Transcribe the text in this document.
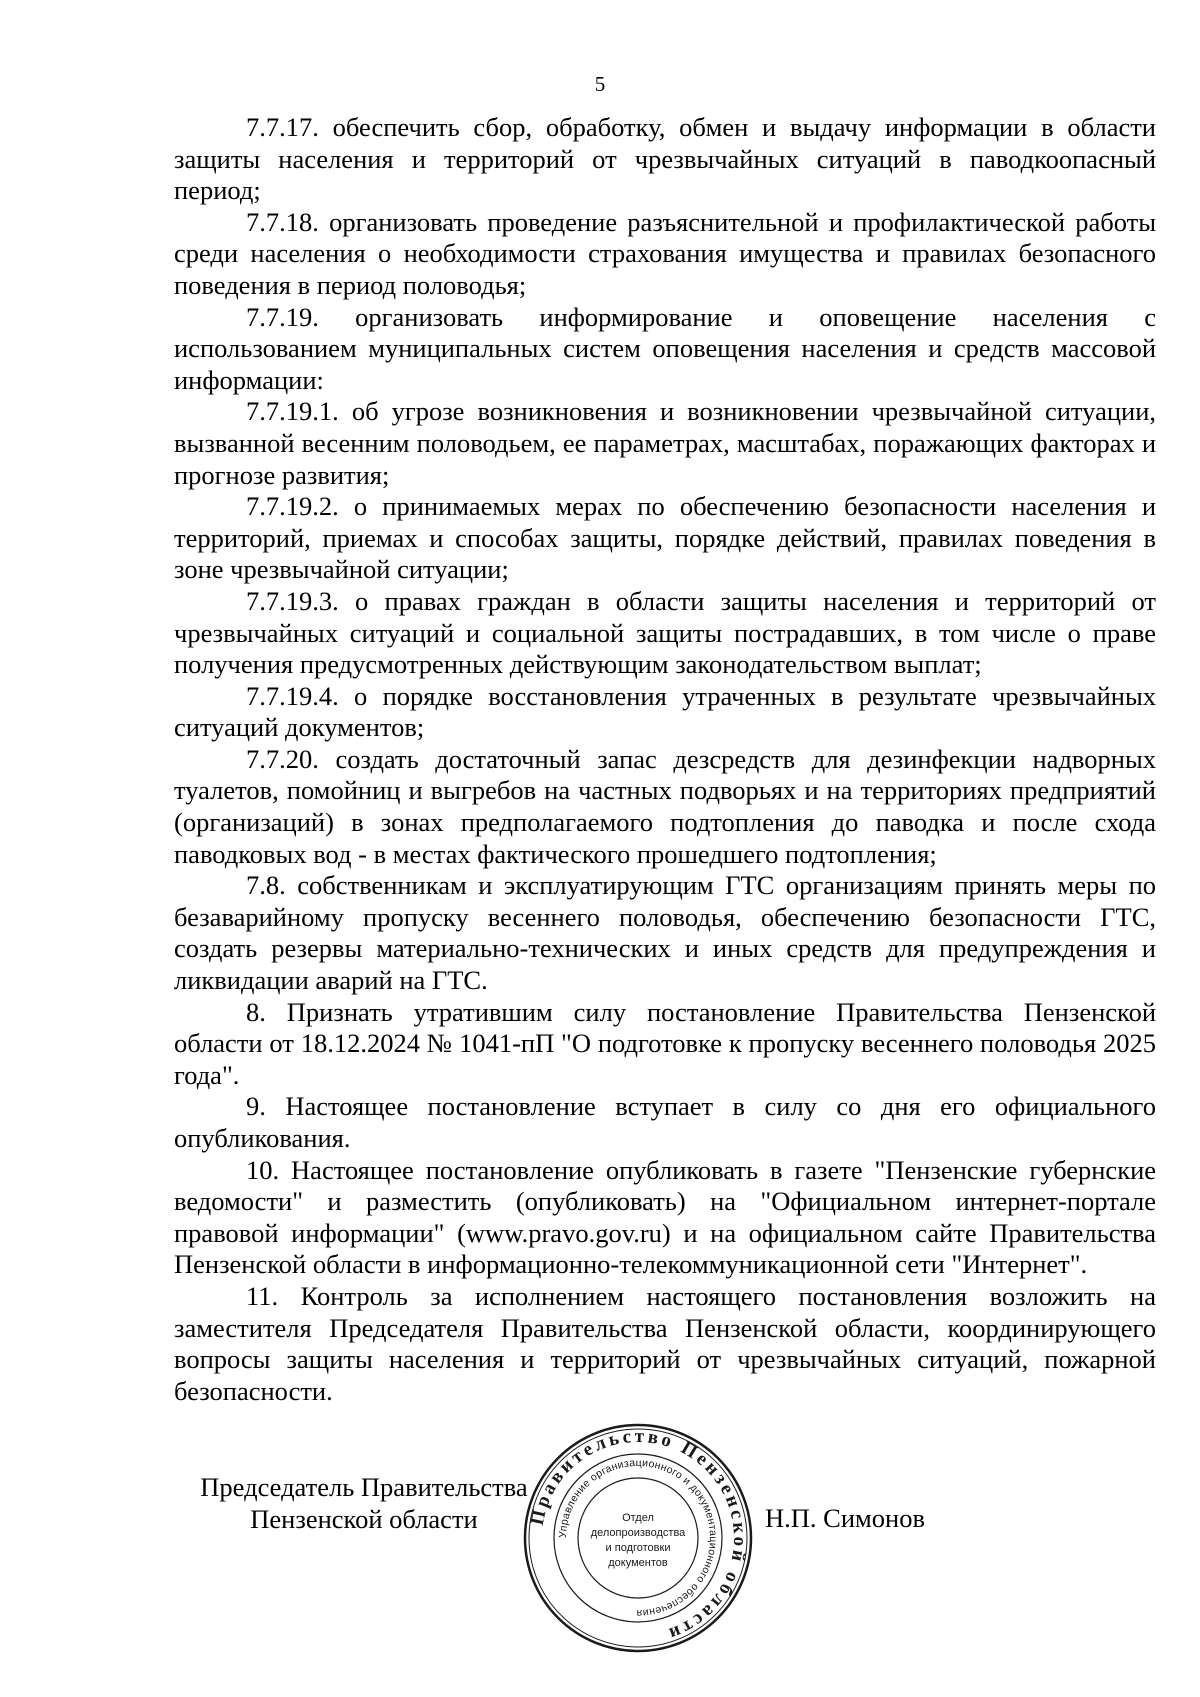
5

7.7.17. обеспечить сбор, обработку, обмен и выдачу информации в области защиты населения и территорий от чрезвычайных ситуаций в паводкоопасный период;

7.7.18. организовать проведение разъяснительной и профилактической работы среди населения о необходимости страхования имущества и правилах безопасного поведения в период половодья;

7.7.19. организовать информирование и оповещение населения с использованием муниципальных систем оповещения населения и средств массовой информации:

7.7.19.1. об угрозе возникновения и возникновении чрезвычайной ситуации, вызванной весенним половодьем, ее параметрах, масштабах, поражающих факторах и прогнозе развития;

7.7.19.2. о принимаемых мерах по обеспечению безопасности населения и территорий, приемах и способах защиты, порядке действий, правилах поведения в зоне чрезвычайной ситуации;

7.7.19.3. о правах граждан в области защиты населения и территорий от чрезвычайных ситуаций и социальной защиты пострадавших, в том числе о праве получения предусмотренных действующим законодательством выплат;

7.7.19.4. о порядке восстановления утраченных в результате чрезвычайных ситуаций документов;

7.7.20. создать достаточный запас дезсредств для дезинфекции надворных туалетов, помойниц и выгребов на частных подворьях и на территориях предприятий (организаций) в зонах предполагаемого подтопления до паводка и после схода паводковых вод - в местах фактического прошедшего подтопления;

7.8. собственникам и эксплуатирующим ГТС организациям принять меры по безаварийному пропуску весеннего половодья, обеспечению безопасности ГТС, создать резервы материально-технических и иных средств для предупреждения и ликвидации аварий на ГТС.

8. Признать утратившим силу постановление Правительства Пензенской области от 18.12.2024 № 1041-пП "О подготовке к пропуску весеннего половодья 2025 года".

9. Настоящее постановление вступает в силу со дня его официального опубликования.

10. Настоящее постановление опубликовать в газете "Пензенские губернские ведомости" и разместить (опубликовать) на "Официальном интернет-портале правовой информации" (www.pravo.gov.ru) и на официальном сайте Правительства Пензенской области в информационно-телекоммуникационной сети "Интернет".

11. Контроль за исполнением настоящего постановления возложить на заместителя Председателя Правительства Пензенской области, координирующего вопросы защиты населения и территорий от чрезвычайных ситуаций, пожарной безопасности.

Председатель Правительства
Пензенской области	Н.П. Симонов
Правительство Пензенской области
Управление организационного и документационного обеспечения
Отдел
делопроизводства
и подготовки
документов
